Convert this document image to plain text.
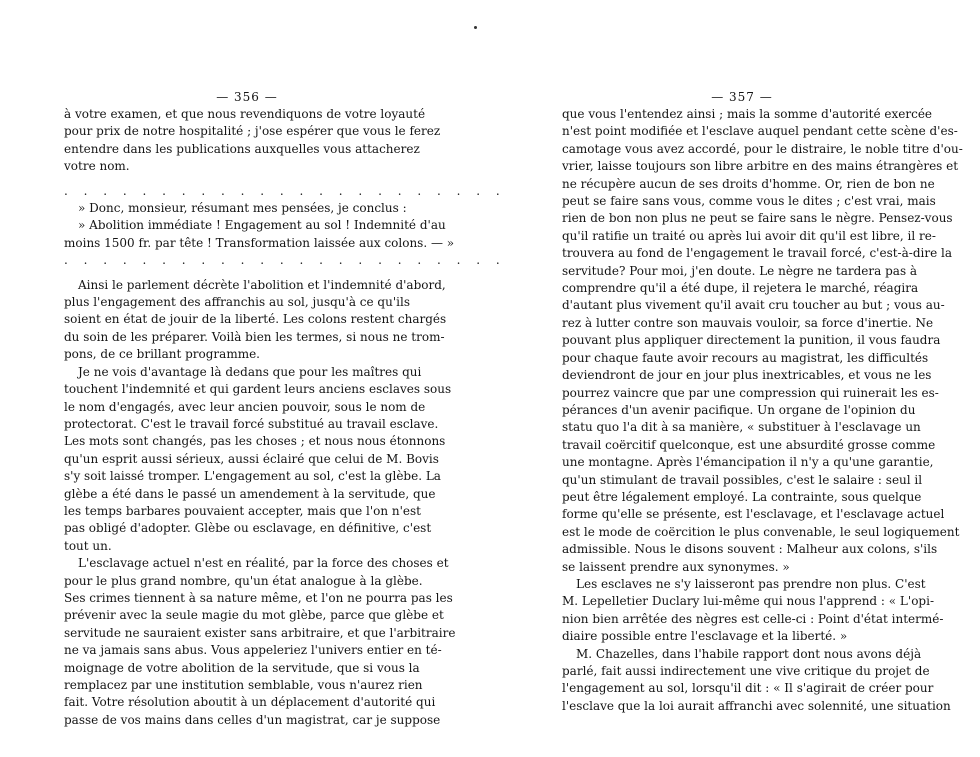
— 356 —
à votre examen, et que nous revendiquons de votre loyauté
pour prix de notre hospitalité ; j'ose espérer que vous le ferez
entendre dans les publications auxquelles vous attacherez
votre nom.
. . . . . . . . . . . . . . . . . . . . . . .
» Donc, monsieur, résumant mes pensées, je conclus :
» Abolition immédiate ! Engagement au sol ! Indemnité d'au
moins 1500 fr. par tête ! Transformation laissée aux colons. — »
. . . . . . . . . . . . . . . . . . . . . . .
Ainsi le parlement décrète l'abolition et l'indemnité d'abord,
plus l'engagement des affranchis au sol, jusqu'à ce qu'ils
soient en état de jouir de la liberté. Les colons restent chargés
du soin de les préparer. Voilà bien les termes, si nous ne trom-
pons, de ce brillant programme.
Je ne vois d'avantage là dedans que pour les maîtres qui
touchent l'indemnité et qui gardent leurs anciens esclaves sous
le nom d'engagés, avec leur ancien pouvoir, sous le nom de
protectorat. C'est le travail forcé substitué au travail esclave.
Les mots sont changés, pas les choses ; et nous nous étonnons
qu'un esprit aussi sérieux, aussi éclairé que celui de M. Bovis
s'y soit laissé tromper. L'engagement au sol, c'est la glèbe. La
glèbe a été dans le passé un amendement à la servitude, que
les temps barbares pouvaient accepter, mais que l'on n'est
pas obligé d'adopter. Glèbe ou esclavage, en définitive, c'est
tout un.
L'esclavage actuel n'est en réalité, par la force des choses et
pour le plus grand nombre, qu'un état analogue à la glèbe.
Ses crimes tiennent à sa nature même, et l'on ne pourra pas les
prévenir avec la seule magie du mot glèbe, parce que glèbe et
servitude ne sauraient exister sans arbitraire, et que l'arbitraire
ne va jamais sans abus. Vous appeleriez l'univers entier en té-
moignage de votre abolition de la servitude, que si vous la
remplacez par une institution semblable, vous n'aurez rien
fait. Votre résolution aboutit à un déplacement d'autorité qui
passe de vos mains dans celles d'un magistrat, car je suppose
— 357 —
que vous l'entendez ainsi ; mais la somme d'autorité exercée
n'est point modifiée et l'esclave auquel pendant cette scène d'es-
camotage vous avez accordé, pour le distraire, le noble titre d'ou-
vrier, laisse toujours son libre arbitre en des mains étrangères et
ne récupère aucun de ses droits d'homme. Or, rien de bon ne
peut se faire sans vous, comme vous le dites ; c'est vrai, mais
rien de bon non plus ne peut se faire sans le nègre. Pensez-vous
qu'il ratifie un traité ou après lui avoir dit qu'il est libre, il re-
trouvera au fond de l'engagement le travail forcé, c'est-à-dire la
servitude? Pour moi, j'en doute. Le nègre ne tardera pas à
comprendre qu'il a été dupe, il rejetera le marché, réagira
d'autant plus vivement qu'il avait cru toucher au but ; vous au-
rez à lutter contre son mauvais vouloir, sa force d'inertie. Ne
pouvant plus appliquer directement la punition, il vous faudra
pour chaque faute avoir recours au magistrat, les difficultés
deviendront de jour en jour plus inextricables, et vous ne les
pourrez vaincre que par une compression qui ruinerait les es-
pérances d'un avenir pacifique. Un organe de l'opinion du
statu quo l'a dit à sa manière, « substituer à l'esclavage un
travail coërcitif quelconque, est une absurdité grosse comme
une montagne. Après l'émancipation il n'y a qu'une garantie,
qu'un stimulant de travail possibles, c'est le salaire : seul il
peut être légalement employé. La contrainte, sous quelque
forme qu'elle se présente, est l'esclavage, et l'esclavage actuel
est le mode de coërcition le plus convenable, le seul logiquement
admissible. Nous le disons souvent : Malheur aux colons, s'ils
se laissent prendre aux synonymes. »
Les esclaves ne s'y laisseront pas prendre non plus. C'est
M. Lepelletier Duclary lui-même qui nous l'apprend : « L'opi-
nion bien arrêtée des nègres est celle-ci : Point d'état intermé-
diaire possible entre l'esclavage et la liberté. »
M. Chazelles, dans l'habile rapport dont nous avons déjà
parlé, fait aussi indirectement une vive critique du projet de
l'engagement au sol, lorsqu'il dit : « Il s'agirait de créer pour
l'esclave que la loi aurait affranchi avec solennité, une situation
